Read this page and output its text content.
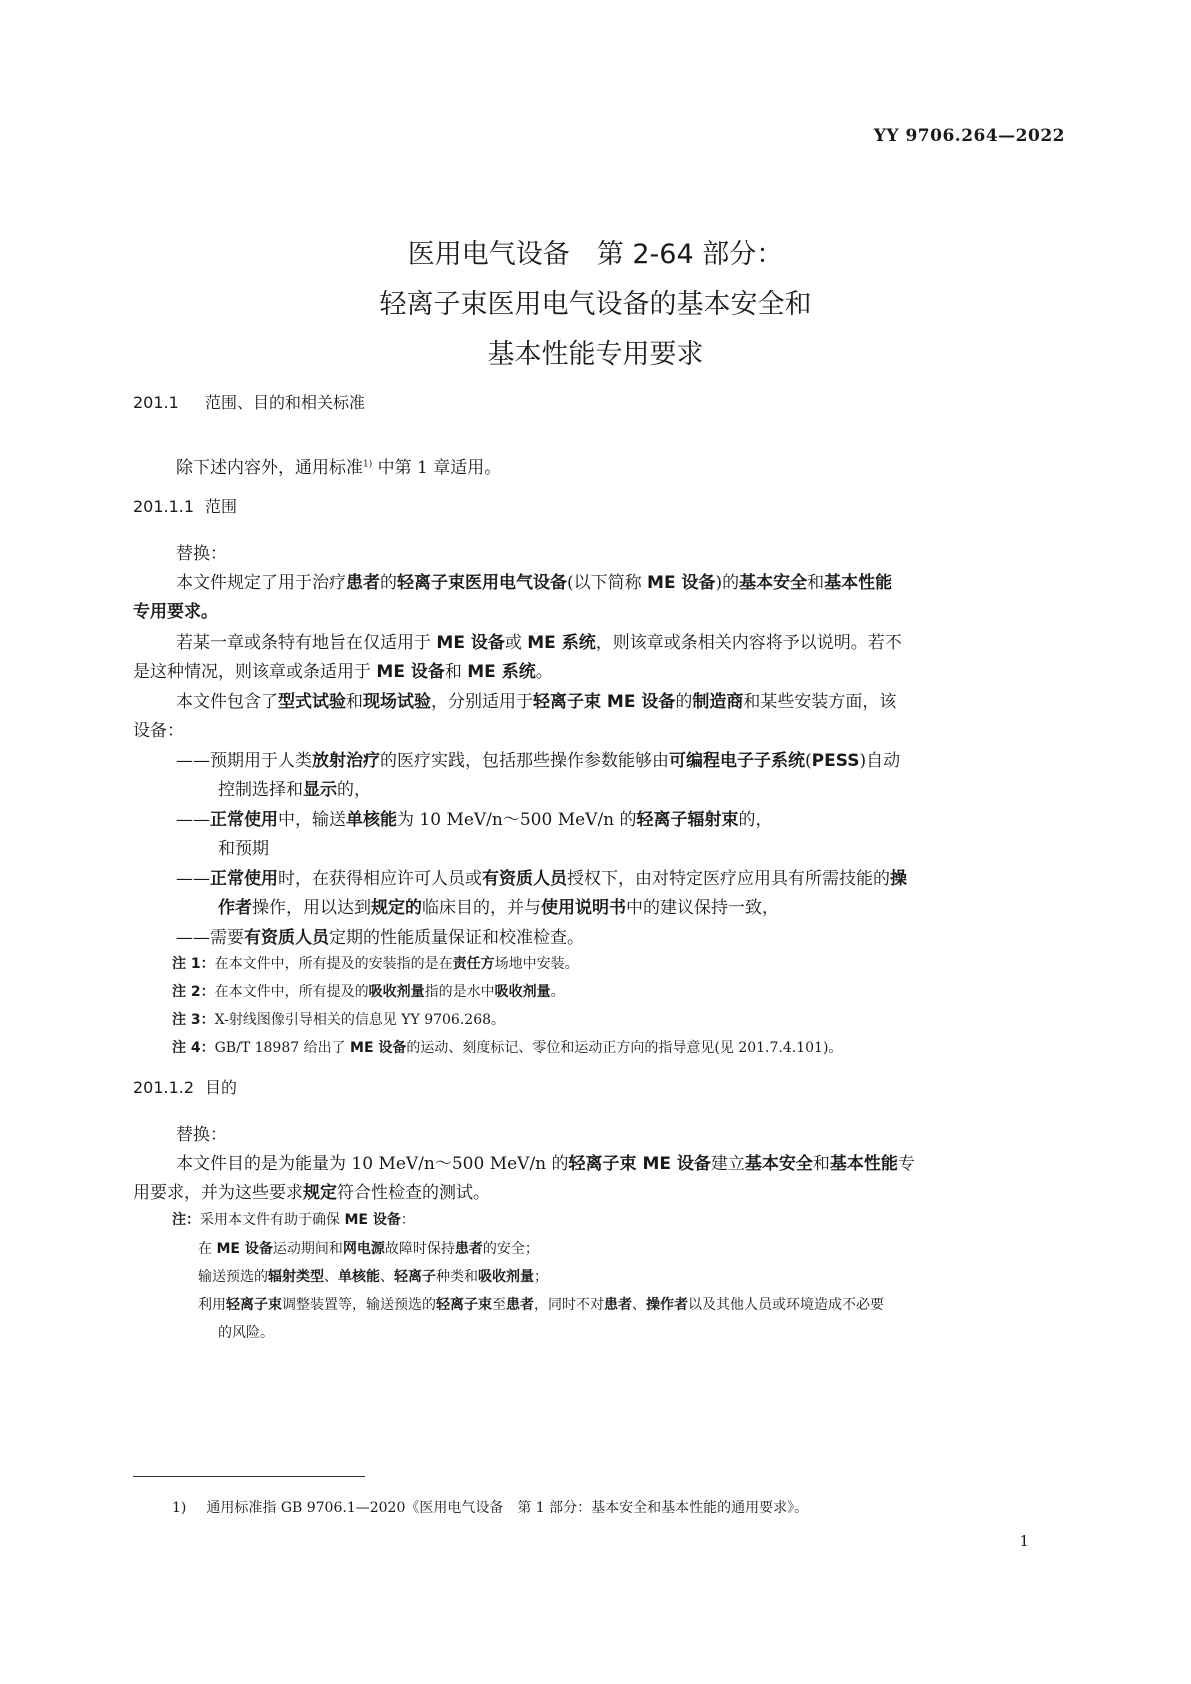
YY 9706.264—2022
医用电气设备　第 2-64 部分：
轻离子束医用电气设备的基本安全和
基本性能专用要求
201.1 范围、目的和相关标准
除下述内容外，通用标准$^{1)}$ 中第 1 章适用。
201.1.1 范围
替换：
本文件规定了用于治疗患者的轻离子束医用电气设备(以下简称 ME 设备)的基本安全和基本性能
专用要求。
若某一章或条特有地旨在仅适用于 ME 设备或 ME 系统，则该章或条相关内容将予以说明。若不
是这种情况，则该章或条适用于 ME 设备和 ME 系统。
本文件包含了型式试验和现场试验，分别适用于轻离子束 ME 设备的制造商和某些安装方面，该
设备：
——预期用于人类放射治疗的医疗实践，包括那些操作参数能够由可编程电子子系统(PESS)自动
控制选择和显示的，
——正常使用中，输送单核能为 10 MeV/n～500 MeV/n 的轻离子辐射束的，
和预期
——正常使用时，在获得相应许可人员或有资质人员授权下，由对特定医疗应用具有所需技能的操
作者操作，用以达到规定的临床目的，并与使用说明书中的建议保持一致，
——需要有资质人员定期的性能质量保证和校准检查。
注 1：在本文件中，所有提及的安装指的是在责任方场地中安装。
注 2：在本文件中，所有提及的吸收剂量指的是水中吸收剂量。
注 3：X-射线图像引导相关的信息见 YY 9706.268。
注 4：GB/T 18987 给出了 ME 设备的运动、刻度标记、零位和运动正方向的指导意见(见 201.7.4.101)。
201.1.2 目的
替换：
本文件目的是为能量为 10 MeV/n～500 MeV/n 的轻离子束 ME 设备建立基本安全和基本性能专
用要求，并为这些要求规定符合性检查的测试。
注：采用本文件有助于确保 ME 设备：
在 ME 设备运动期间和网电源故障时保持患者的安全；
输送预选的辐射类型、单核能、轻离子种类和吸收剂量；
利用轻离子束调整装置等，输送预选的轻离子束至患者，同时不对患者、操作者以及其他人员或环境造成不必要
的风险。
1) 通用标准指 GB 9706.1—2020《医用电气设备　第 1 部分：基本安全和基本性能的通用要求》。
1
